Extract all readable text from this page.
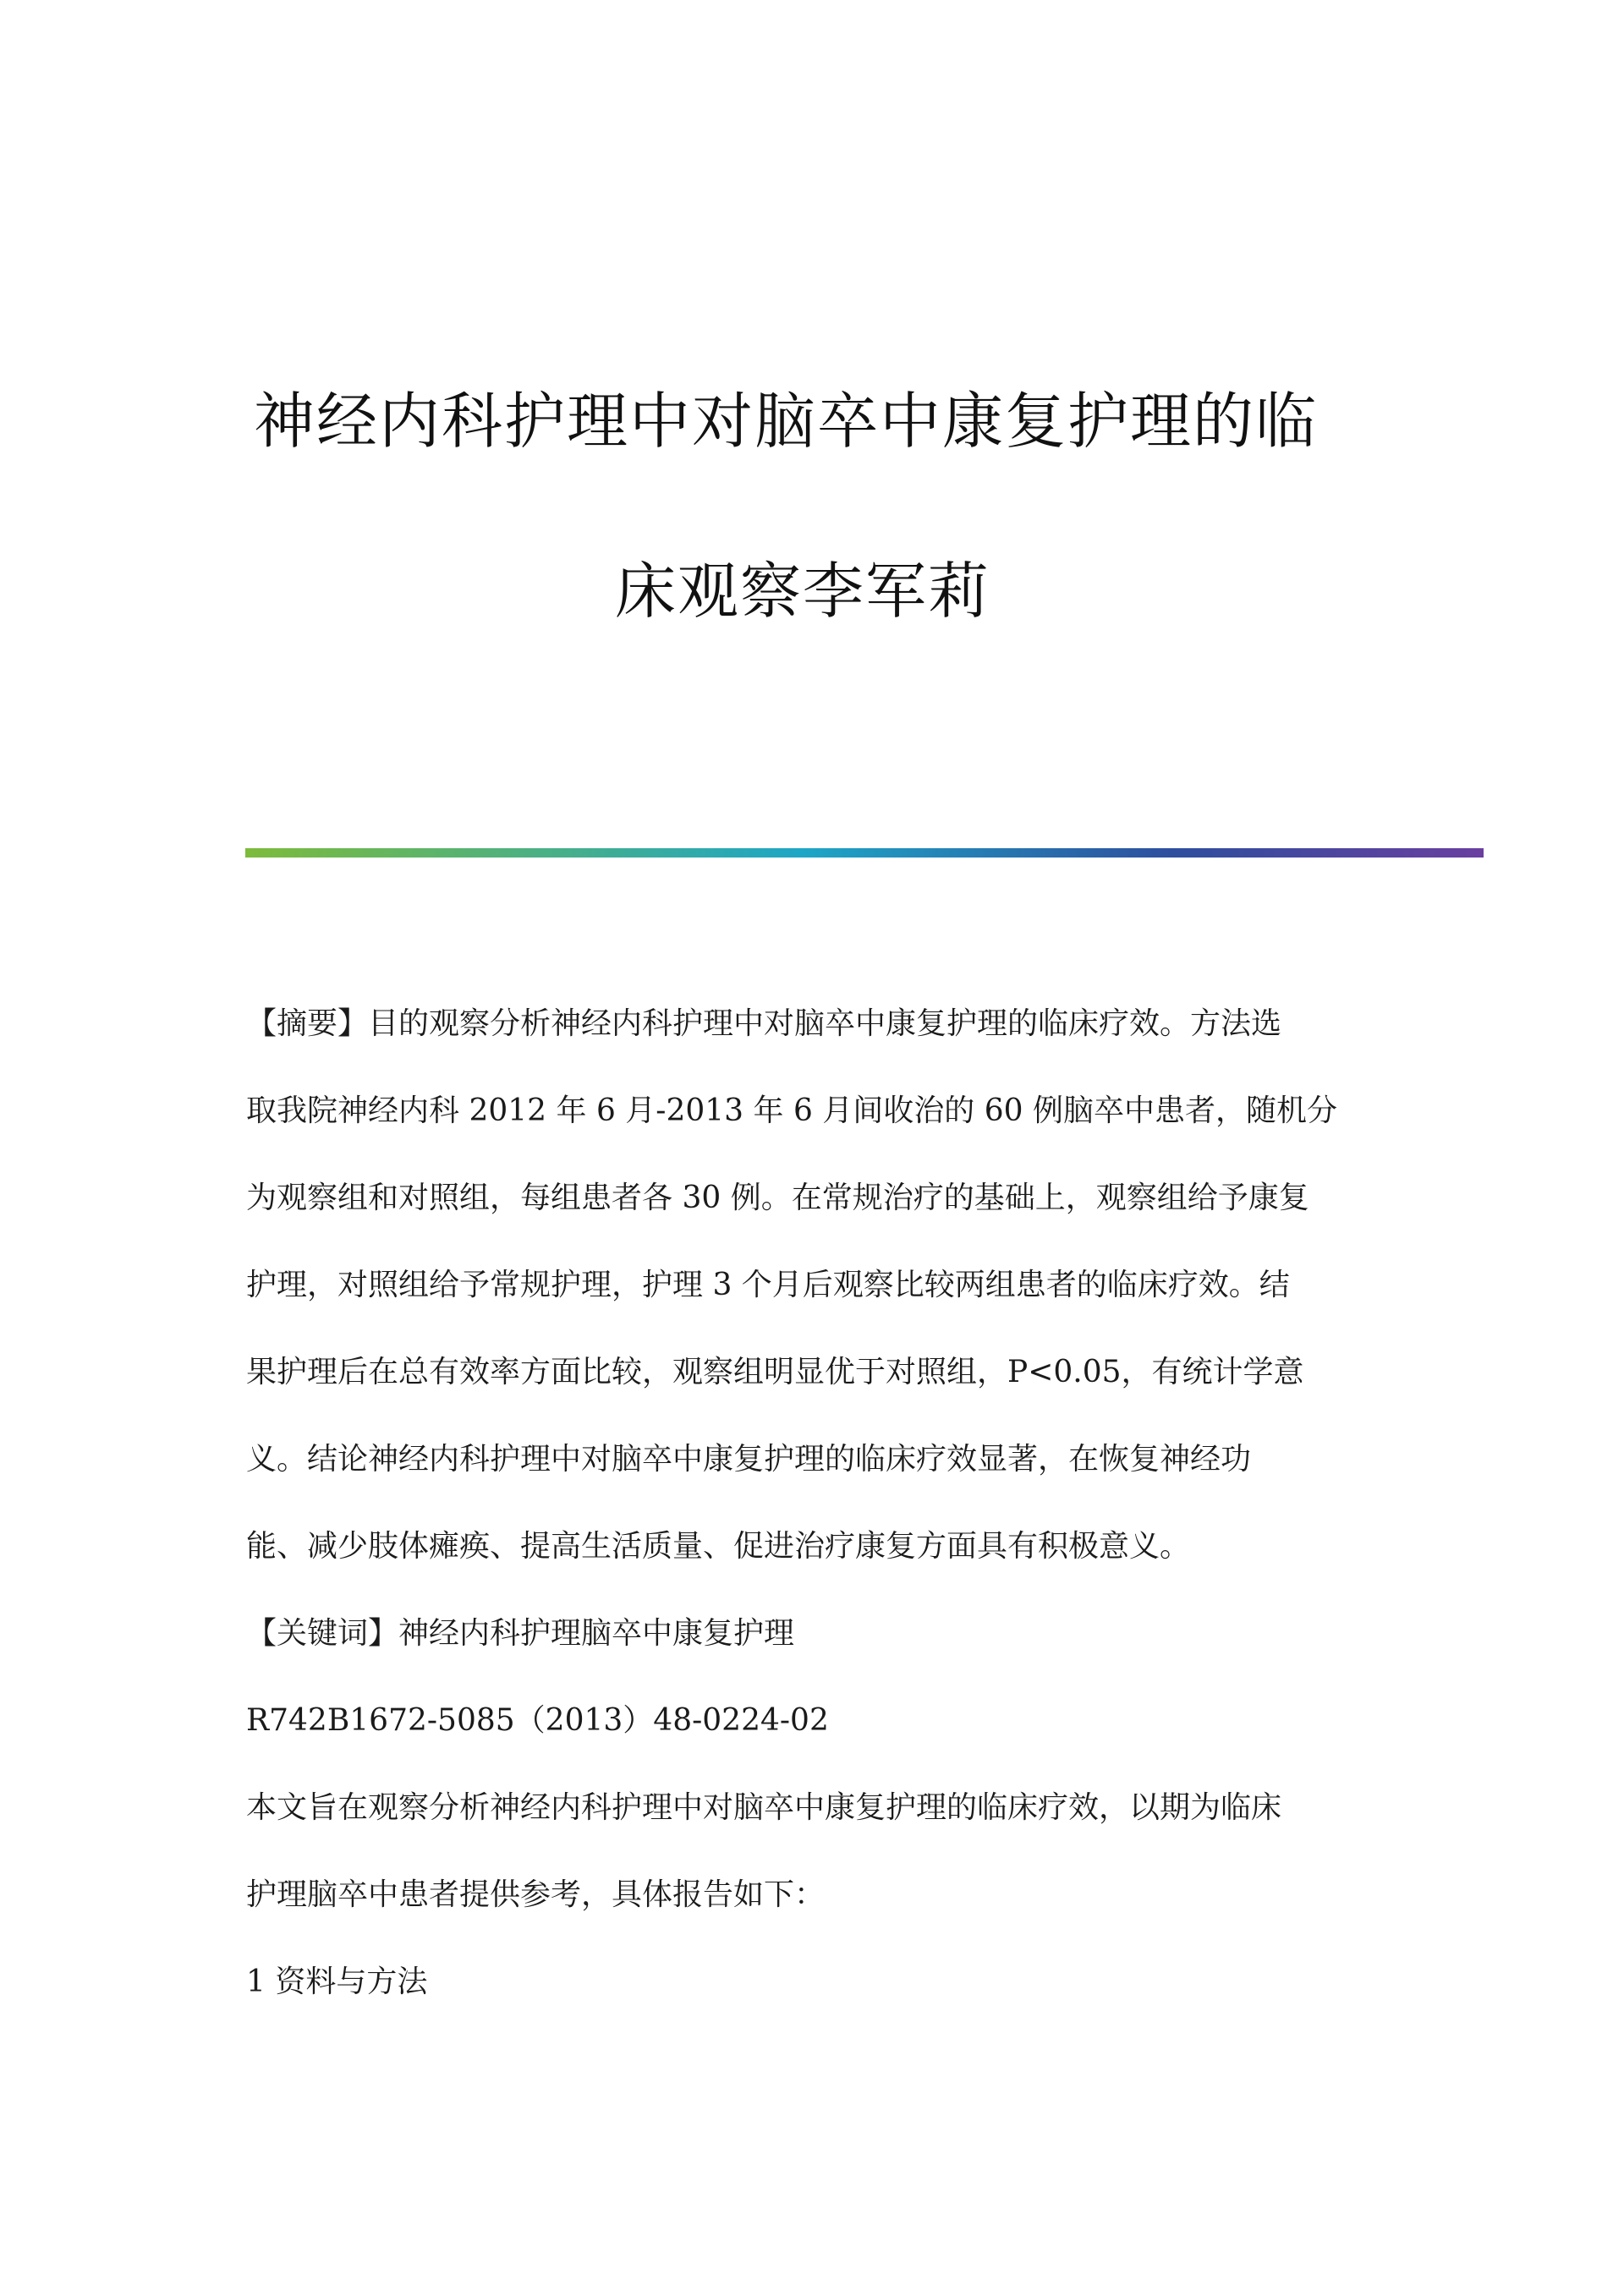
神经内科护理中对脑卒中康复护理的临
床观察李军莉
【摘要】目的观察分析神经内科护理中对脑卒中康复护理的临床疗效。方法选
取我院神经内科 2012 年 6 月-2013 年 6 月间收治的 60 例脑卒中患者，随机分
为观察组和对照组，每组患者各 30 例。在常规治疗的基础上，观察组给予康复
护理，对照组给予常规护理，护理 3 个月后观察比较两组患者的临床疗效。结
果护理后在总有效率方面比较，观察组明显优于对照组，P<0.05，有统计学意
义。结论神经内科护理中对脑卒中康复护理的临床疗效显著，在恢复神经功
能、减少肢体瘫痪、提高生活质量、促进治疗康复方面具有积极意义。
【关键词】神经内科护理脑卒中康复护理
R742B1672-5085（2013）48-0224-02
本文旨在观察分析神经内科护理中对脑卒中康复护理的临床疗效，以期为临床
护理脑卒中患者提供参考，具体报告如下：
1 资料与方法
